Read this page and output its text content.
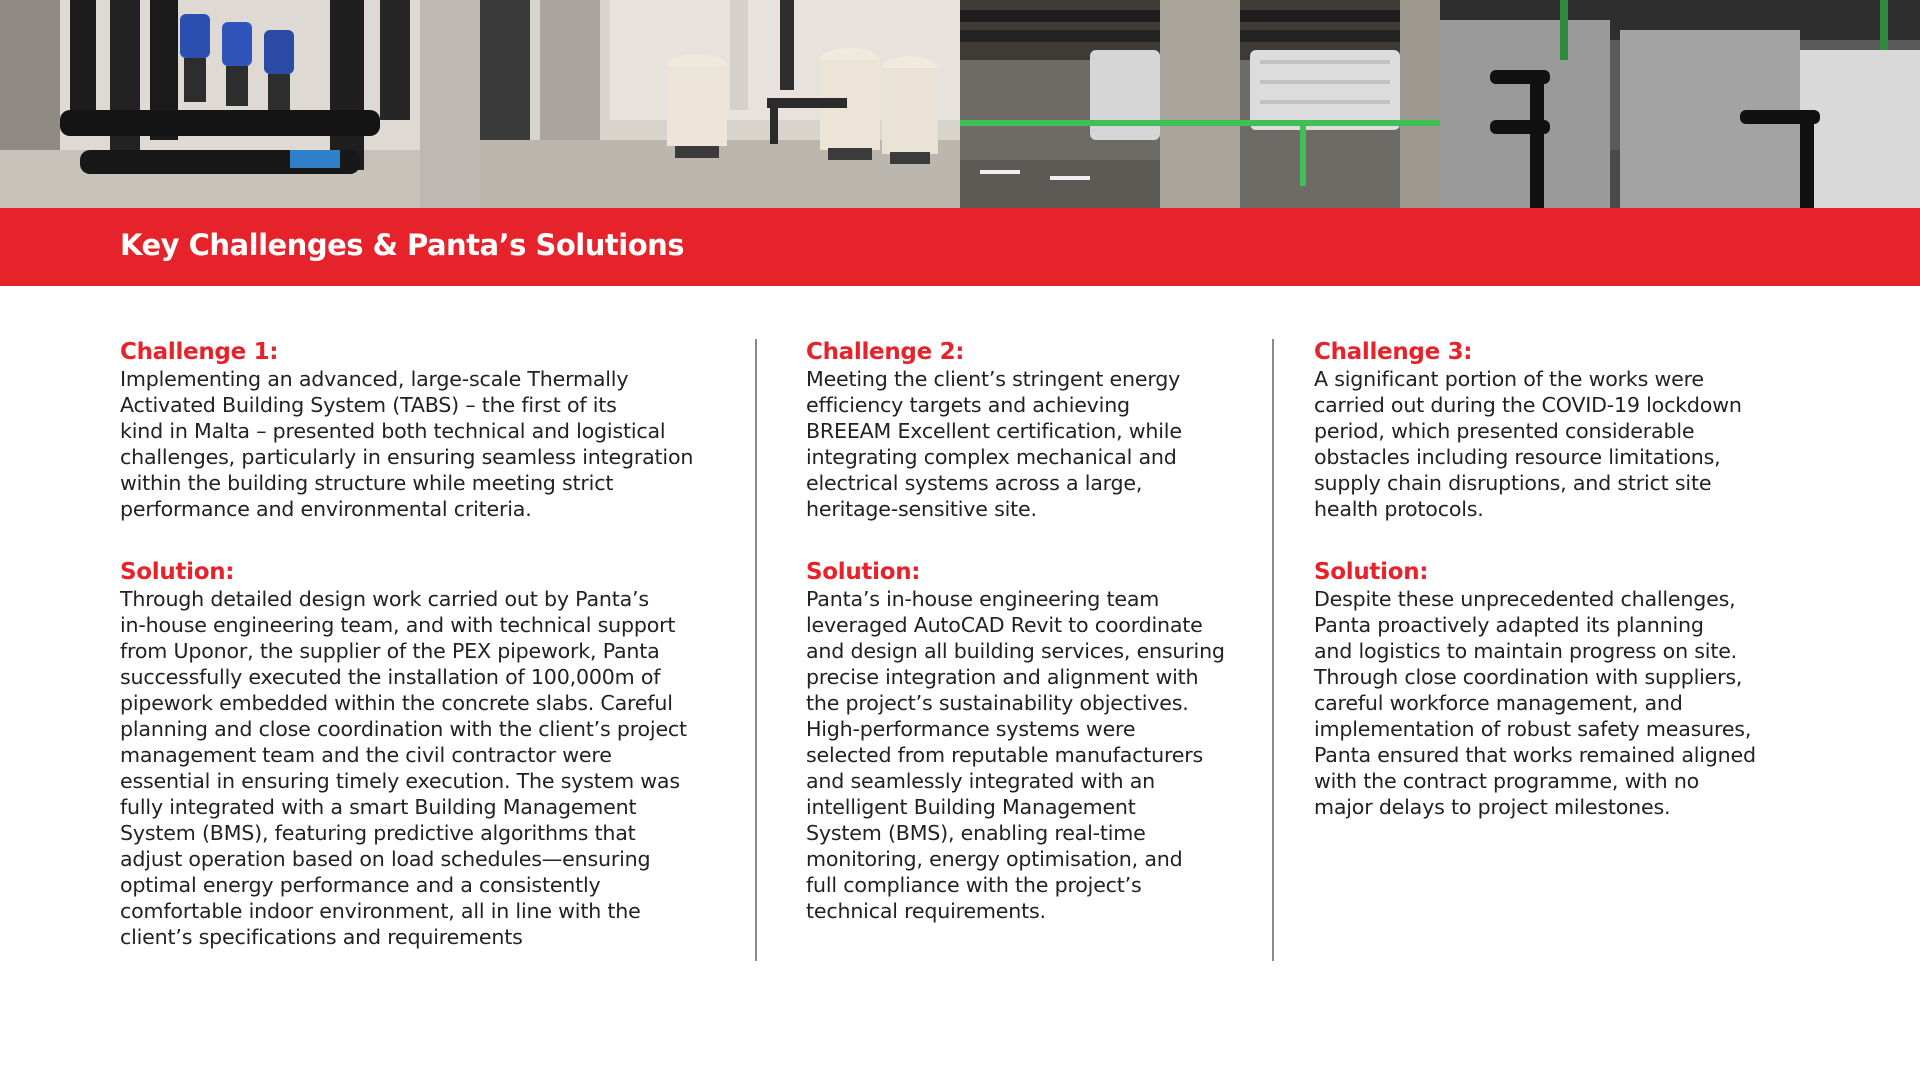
Key Challenges & Panta’s Solutions

Challenge 1:

Implementing an advanced, large-scale Thermally
Activated Building System (TABS) – the first of its
kind in Malta – presented both technical and logistical
challenges, particularly in ensuring seamless integration
within the building structure while meeting strict
performance and environmental criteria.

Solution:

Through detailed design work carried out by Panta’s
in-house engineering team, and with technical support
from Uponor, the supplier of the PEX pipework, Panta
successfully executed the installation of 100,000m of
pipework embedded within the concrete slabs. Careful
planning and close coordination with the client’s project
management team and the civil contractor were
essential in ensuring timely execution. The system was
fully integrated with a smart Building Management
System (BMS), featuring predictive algorithms that
adjust operation based on load schedules—ensuring
optimal energy performance and a consistently
comfortable indoor environment, all in line with the
client’s specifications and requirements

Challenge 2:

Meeting the client’s stringent energy
efficiency targets and achieving
BREEAM Excellent certification, while
integrating complex mechanical and
electrical systems across a large,
heritage-sensitive site.

Solution:

Panta’s in-house engineering team
leveraged AutoCAD Revit to coordinate
and design all building services, ensuring
precise integration and alignment with
the project’s sustainability objectives.
High-performance systems were
selected from reputable manufacturers
and seamlessly integrated with an
intelligent Building Management
System (BMS), enabling real-time
monitoring, energy optimisation, and
full compliance with the project’s
technical requirements.

Challenge 3:

A significant portion of the works were
carried out during the COVID-19 lockdown
period, which presented considerable
obstacles including resource limitations,
supply chain disruptions, and strict site
health protocols.

Solution:

Despite these unprecedented challenges,
Panta proactively adapted its planning
and logistics to maintain progress on site.
Through close coordination with suppliers,
careful workforce management, and
implementation of robust safety measures,
Panta ensured that works remained aligned
with the contract programme, with no
major delays to project milestones.
